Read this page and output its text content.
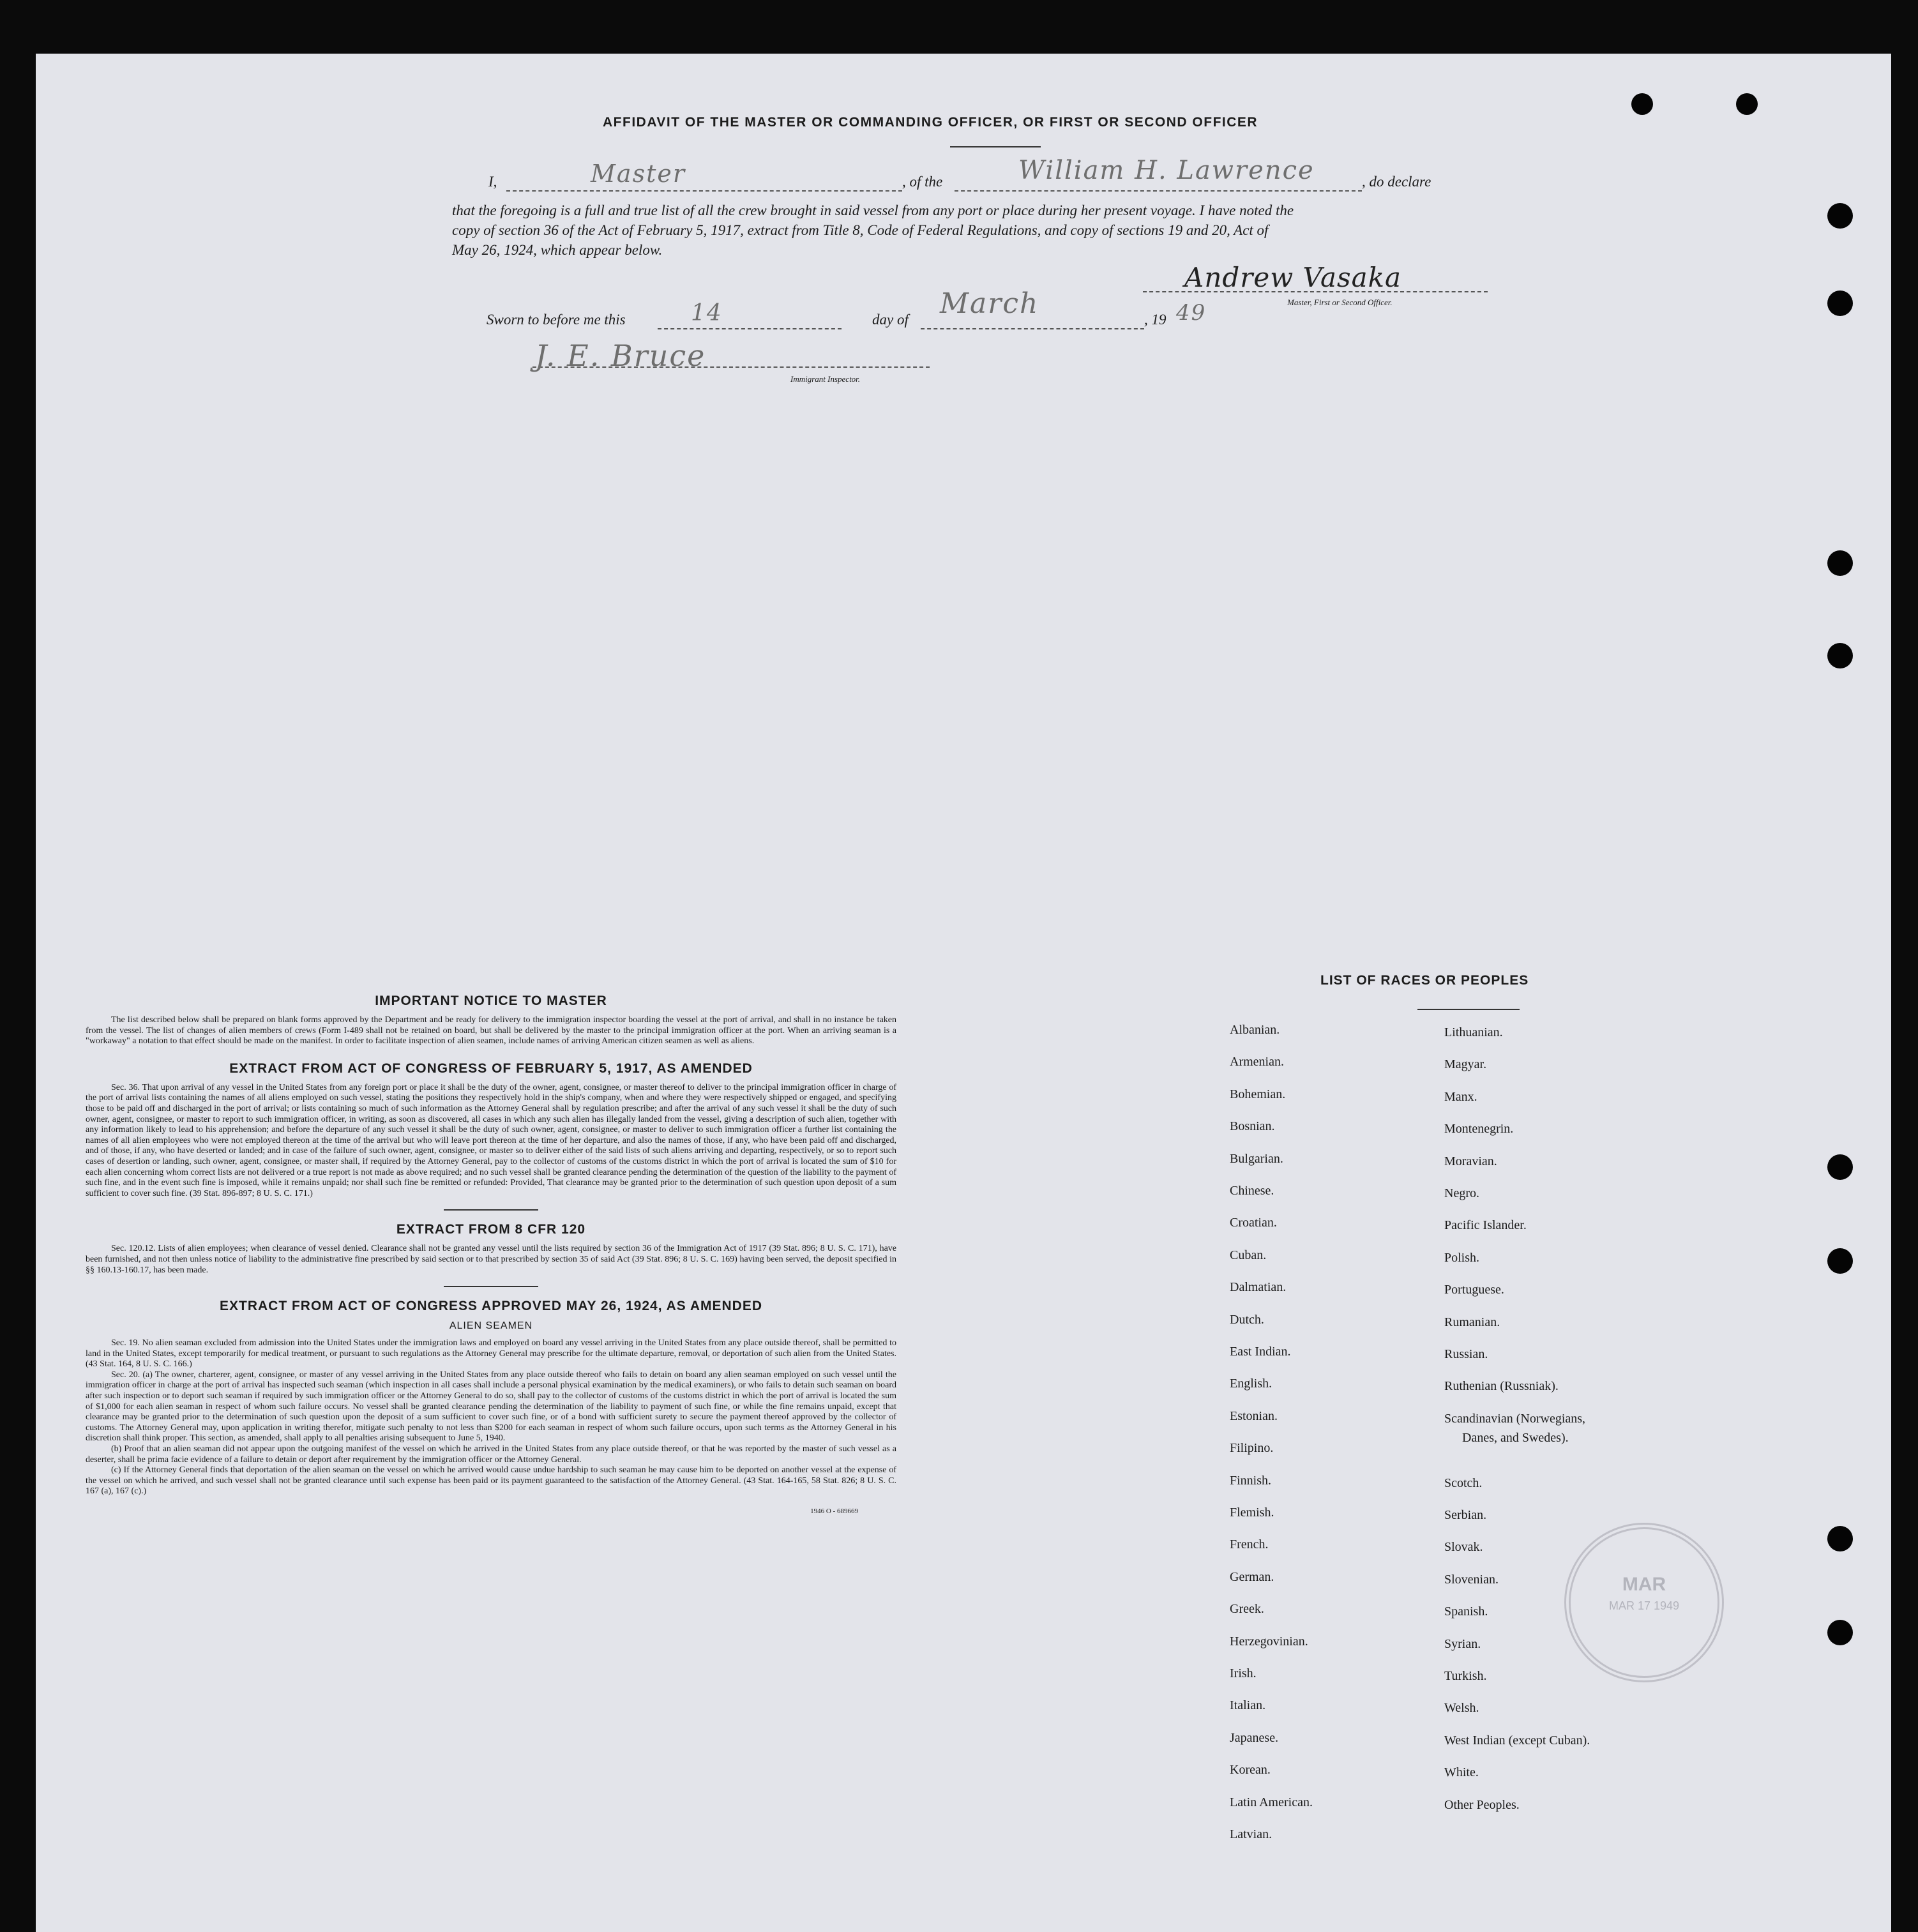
AFFIDAVIT OF THE MASTER OR COMMANDING OFFICER, OR FIRST OR SECOND OFFICER
I,	Master	, of the	William H. Lawrence	, do declare
that the foregoing is a full and true list of all the crew brought in said vessel from any port or place during her present voyage. I have noted the
copy of section 36 of the Act of February 5, 1917, extract from Title 8, Code of Federal Regulations, and copy of sections 19 and 20, Act of
May 26, 1924, which appear below.
Andrew Vasaka
Master, First or Second Officer.
Sworn to before me this	14	day of March	, 19 49
J. E. Bruce
Immigrant Inspector.
IMPORTANT NOTICE TO MASTER
The list described below shall be prepared on blank forms approved by the Department and be ready for delivery to the immigration inspector boarding the vessel at the port of arrival, and shall in no instance be taken from the vessel. The list of changes of alien members of crews (Form I-489 shall not be retained on board, but shall be delivered by the master to the principal immigration officer at the port. When an arriving seaman is a "workaway" a notation to that effect should be made on the manifest. In order to facilitate inspection of alien seamen, include names of arriving American citizen seamen as well as aliens.
EXTRACT FROM ACT OF CONGRESS OF FEBRUARY 5, 1917, AS AMENDED
Sec. 36. That upon arrival of any vessel in the United States from any foreign port or place it shall be the duty of the owner, agent, consignee, or master thereof to deliver to the principal immigration officer in charge of the port of arrival lists containing the names of all aliens employed on such vessel, stating the positions they respectively hold in the ship's company, when and where they were respectively shipped or engaged, and specifying those to be paid off and discharged in the port of arrival; or lists containing so much of such information as the Attorney General shall by regulation prescribe; and after the arrival of any such vessel it shall be the duty of such owner, agent, consignee, or master to report to such immigration officer, in writing, as soon as discovered, all cases in which any such alien has illegally landed from the vessel, giving a description of such alien, together with any information likely to lead to his apprehension; and before the departure of any such vessel it shall be the duty of such owner, agent, consignee, or master to deliver to such immigration officer a further list containing the names of all alien employees who were not employed thereon at the time of the arrival but who will leave port thereon at the time of her departure, and also the names of those, if any, who have been paid off and discharged, and of those, if any, who have deserted or landed; and in case of the failure of such owner, agent, consignee, or master so to deliver either of the said lists of such aliens arriving and departing, respectively, or so to report such cases of desertion or landing, such owner, agent, consignee, or master shall, if required by the Attorney General, pay to the collector of customs of the customs district in which the port of arrival is located the sum of $10 for each alien concerning whom correct lists are not delivered or a true report is not made as above required; and no such vessel shall be granted clearance pending the determination of the question of the liability to the payment of such fine, and in the event such fine is imposed, while it remains unpaid; nor shall such fine be remitted or refunded: Provided, That clearance may be granted prior to the determination of such question upon deposit of a sum sufficient to cover such fine. (39 Stat. 896-897; 8 U. S. C. 171.)
EXTRACT FROM 8 CFR 120
Sec. 120.12. Lists of alien employees; when clearance of vessel denied. Clearance shall not be granted any vessel until the lists required by section 36 of the Immigration Act of 1917 (39 Stat. 896; 8 U. S. C. 171), have been furnished, and not then unless notice of liability to the administrative fine prescribed by said section or to that prescribed by section 35 of said Act (39 Stat. 896; 8 U. S. C. 169) having been served, the deposit specified in §§ 160.13-160.17, has been made.
EXTRACT FROM ACT OF CONGRESS APPROVED MAY 26, 1924, AS AMENDED
ALIEN SEAMEN
Sec. 19. No alien seaman excluded from admission into the United States under the immigration laws and employed on board any vessel arriving in the United States from any place outside thereof, shall be permitted to land in the United States, except temporarily for medical treatment, or pursuant to such regulations as the Attorney General may prescribe for the ultimate departure, removal, or deportation of such alien from the United States. (43 Stat. 164, 8 U. S. C. 166.)
Sec. 20. (a) The owner, charterer, agent, consignee, or master of any vessel arriving in the United States from any place outside thereof who fails to detain on board any alien seaman employed on such vessel until the immigration officer in charge at the port of arrival has inspected such seaman (which inspection in all cases shall include a personal physical examination by the medical examiners), or who fails to detain such seaman on board after such inspection or to deport such seaman if required by such immigration officer or the Attorney General to do so, shall pay to the collector of customs of the customs district in which the port of arrival is located the sum of $1,000 for each alien seaman in respect of whom such failure occurs. No vessel shall be granted clearance pending the determination of the liability to payment of such fine, or while the fine remains unpaid, except that clearance may be granted prior to the determination of such question upon the deposit of a sum sufficient to cover such fine, or of a bond with sufficient surety to secure the payment thereof approved by the collector of customs. The Attorney General may, upon application in writing therefor, mitigate such penalty to not less than $200 for each seaman in respect of whom such failure occurs, upon such terms as the Attorney General in his discretion shall think proper. This section, as amended, shall apply to all penalties arising subsequent to June 5, 1940.
(b) Proof that an alien seaman did not appear upon the outgoing manifest of the vessel on which he arrived in the United States from any place outside thereof, or that he was reported by the master of such vessel as a deserter, shall be prima facie evidence of a failure to detain or deport after requirement by the immigration officer or the Attorney General.
(c) If the Attorney General finds that deportation of the alien seaman on the vessel on which he arrived would cause undue hardship to such seaman he may cause him to be deported on another vessel at the expense of the vessel on which he arrived, and such vessel shall not be granted clearance until such expense has been paid or its payment guaranteed to the satisfaction of the Attorney General. (43 Stat. 164-165, 58 Stat. 826; 8 U. S. C. 167 (a), 167 (c).)
1946 O - 689669
LIST OF RACES OR PEOPLES
Albanian.
Armenian.
Bohemian.
Bosnian.
Bulgarian.
Chinese.
Croatian.
Cuban.
Dalmatian.
Dutch.
East Indian.
English.
Estonian.
Filipino.
Finnish.
Flemish.
French.
German.
Greek.
Herzegovinian.
Irish.
Italian.
Japanese.
Korean.
Latin American.
Latvian.
Lithuanian.
Magyar.
Manx.
Montenegrin.
Moravian.
Negro.
Pacific Islander.
Polish.
Portuguese.
Rumanian.
Russian.
Ruthenian (Russniak).
Scandinavian (Norwegians,
Danes, and Swedes).
Scotch.
Serbian.
Slovak.
Slovenian.
Spanish.
Syrian.
Turkish.
Welsh.
West Indian (except Cuban).
White.
Other Peoples.
MAR
MAR 17 1949
